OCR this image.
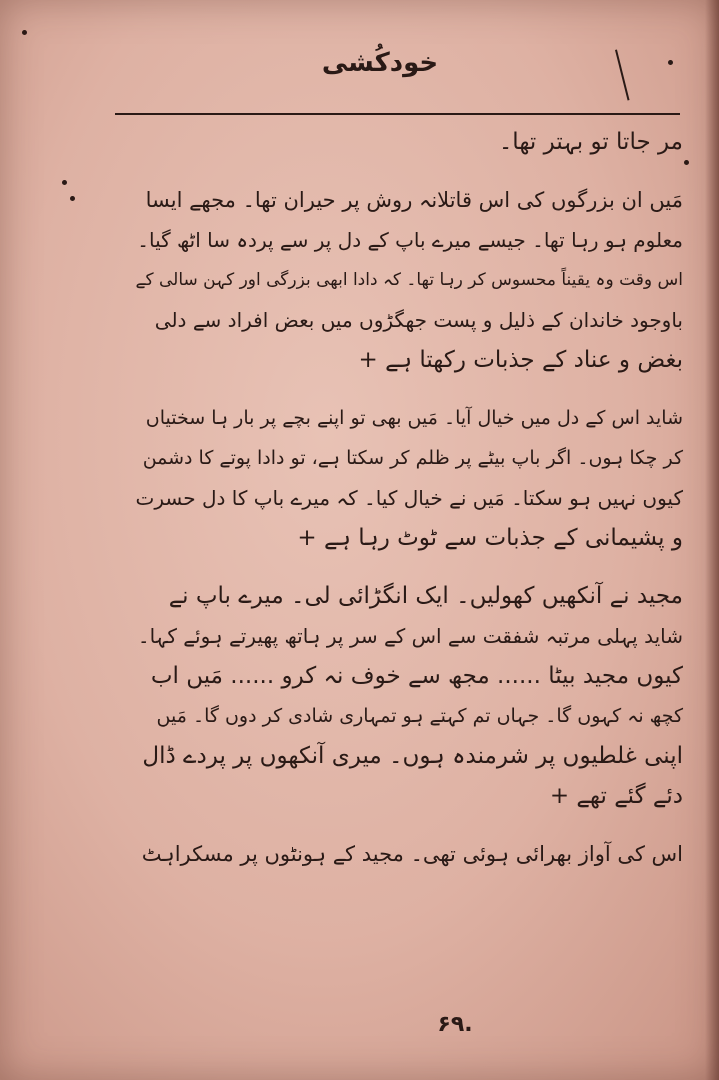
خودکُشی

مر جاتا تو بہتر تھا۔

مَیں ان بزرگوں کی اس قاتلانہ روش پر حیران تھا۔ مجھے ایسا
معلوم ہو رہا تھا۔ جیسے میرے باپ کے دل پر سے پردہ سا اٹھ گیا۔
اس وقت وہ یقیناً محسوس کر رہا تھا۔ کہ دادا ابھی بزرگی اور کہن سالی کے
باوجود خاندان کے ذلیل و پست جھگڑوں میں بعض افراد سے دلی
بغض و عناد کے جذبات رکھتا ہے +

شاید اس کے دل میں خیال آیا۔ مَیں بھی تو اپنے بچے پر بار ہا سختیاں
کر چکا ہوں۔ اگر باپ بیٹے پر ظلم کر سکتا ہے، تو دادا پوتے کا دشمن
کیوں نہیں ہو سکتا۔ مَیں نے خیال کیا۔ کہ میرے باپ کا دل حسرت
و پشیمانی کے جذبات سے ٹوٹ رہا ہے +

مجید نے آنکھیں کھولیں۔ ایک انگڑائی لی۔ میرے باپ نے
شاید پہلی مرتبہ شفقت سے اس کے سر پر ہاتھ پھیرتے ہوئے کہا۔
کیوں مجید بیٹا ...... مجھ سے خوف نہ کرو ...... مَیں اب
کچھ نہ کہوں گا۔ جہاں تم کہتے ہو تمہاری شادی کر دوں گا۔ مَیں
اپنی غلطیوں پر شرمندہ ہوں۔ میری آنکھوں پر پردے ڈال
دئے گئے تھے +

اس کی آواز بھرائی ہوئی تھی۔ مجید کے ہونٹوں پر مسکراہٹ

۶۹.
